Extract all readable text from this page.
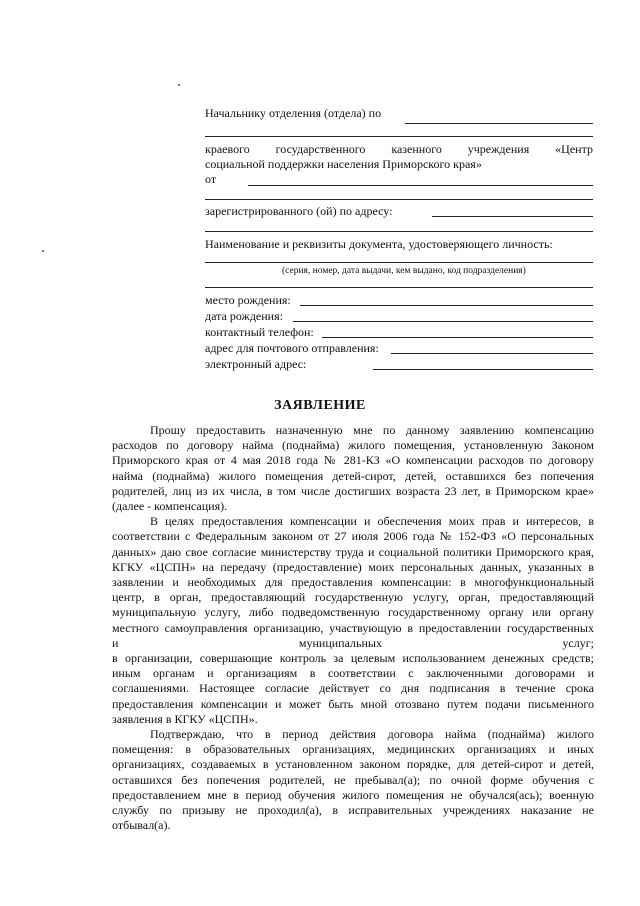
Начальнику отделения (отдела) по
краевого государственного казенного учреждения «Центр
социальной поддержки населения Приморского края»
от
зарегистрированного (ой) по адресу:
Наименование и реквизиты документа, удостоверяющего личность:
(серия, номер, дата выдачи, кем выдано, код подразделения)
место рождения:
дата рождения:
контактный телефон:
адрес для почтового отправления:
электронный адрес:
ЗАЯВЛЕНИЕ

Прошу предоставить назначенную мне по данному заявлению компенсацию
расходов по договору найма (поднайма) жилого помещения, установленную Законом
Приморского края от 4 мая 2018 года № 281-КЗ «О компенсации расходов по договору
найма (поднайма) жилого помещения детей-сирот, детей, оставшихся без попечения
родителей, лиц из их числа, в том числе достигших возраста 23 лет, в Приморском крае»
(далее - компенсация).

В целях предоставления компенсации и обеспечения моих прав и интересов, в
соответствии с Федеральным законом от 27 июля 2006 года № 152-ФЗ «О персональных
данных» даю свое согласие министерству труда и социальной политики Приморского края,
КГКУ «ЦСПН» на передачу (предоставление) моих персональных данных, указанных в
заявлении и необходимых для предоставления компенсации: в многофункциональный
центр, в орган, предоставляющий государственную услугу, орган, предоставляющий
муниципальную услугу, либо подведомственную государственному органу или органу
местного самоуправления организацию, участвующую в предоставлении государственных
и муниципальных услуг;
в организации, совершающие контроль за целевым использованием денежных средств;
иным органам и организациям в соответствии с заключенными договорами и
соглашениями. Настоящее согласие действует со дня подписания в течение срока
предоставления компенсации и может быть мной отозвано путем подачи письменного
заявления в КГКУ «ЦСПН».

Подтверждаю, что в период действия договора найма (поднайма) жилого
помещения: в образовательных организациях, медицинских организациях и иных
организациях, создаваемых в установленном законом порядке, для детей-сирот и детей,
оставшихся без попечения родителей, не пребывал(а); по очной форме обучения с
предоставлением мне в период обучения жилого помещения не обучался(ась); военную
службу по призыву не проходил(а), в исправительных учреждениях наказание не
отбывал(а).
